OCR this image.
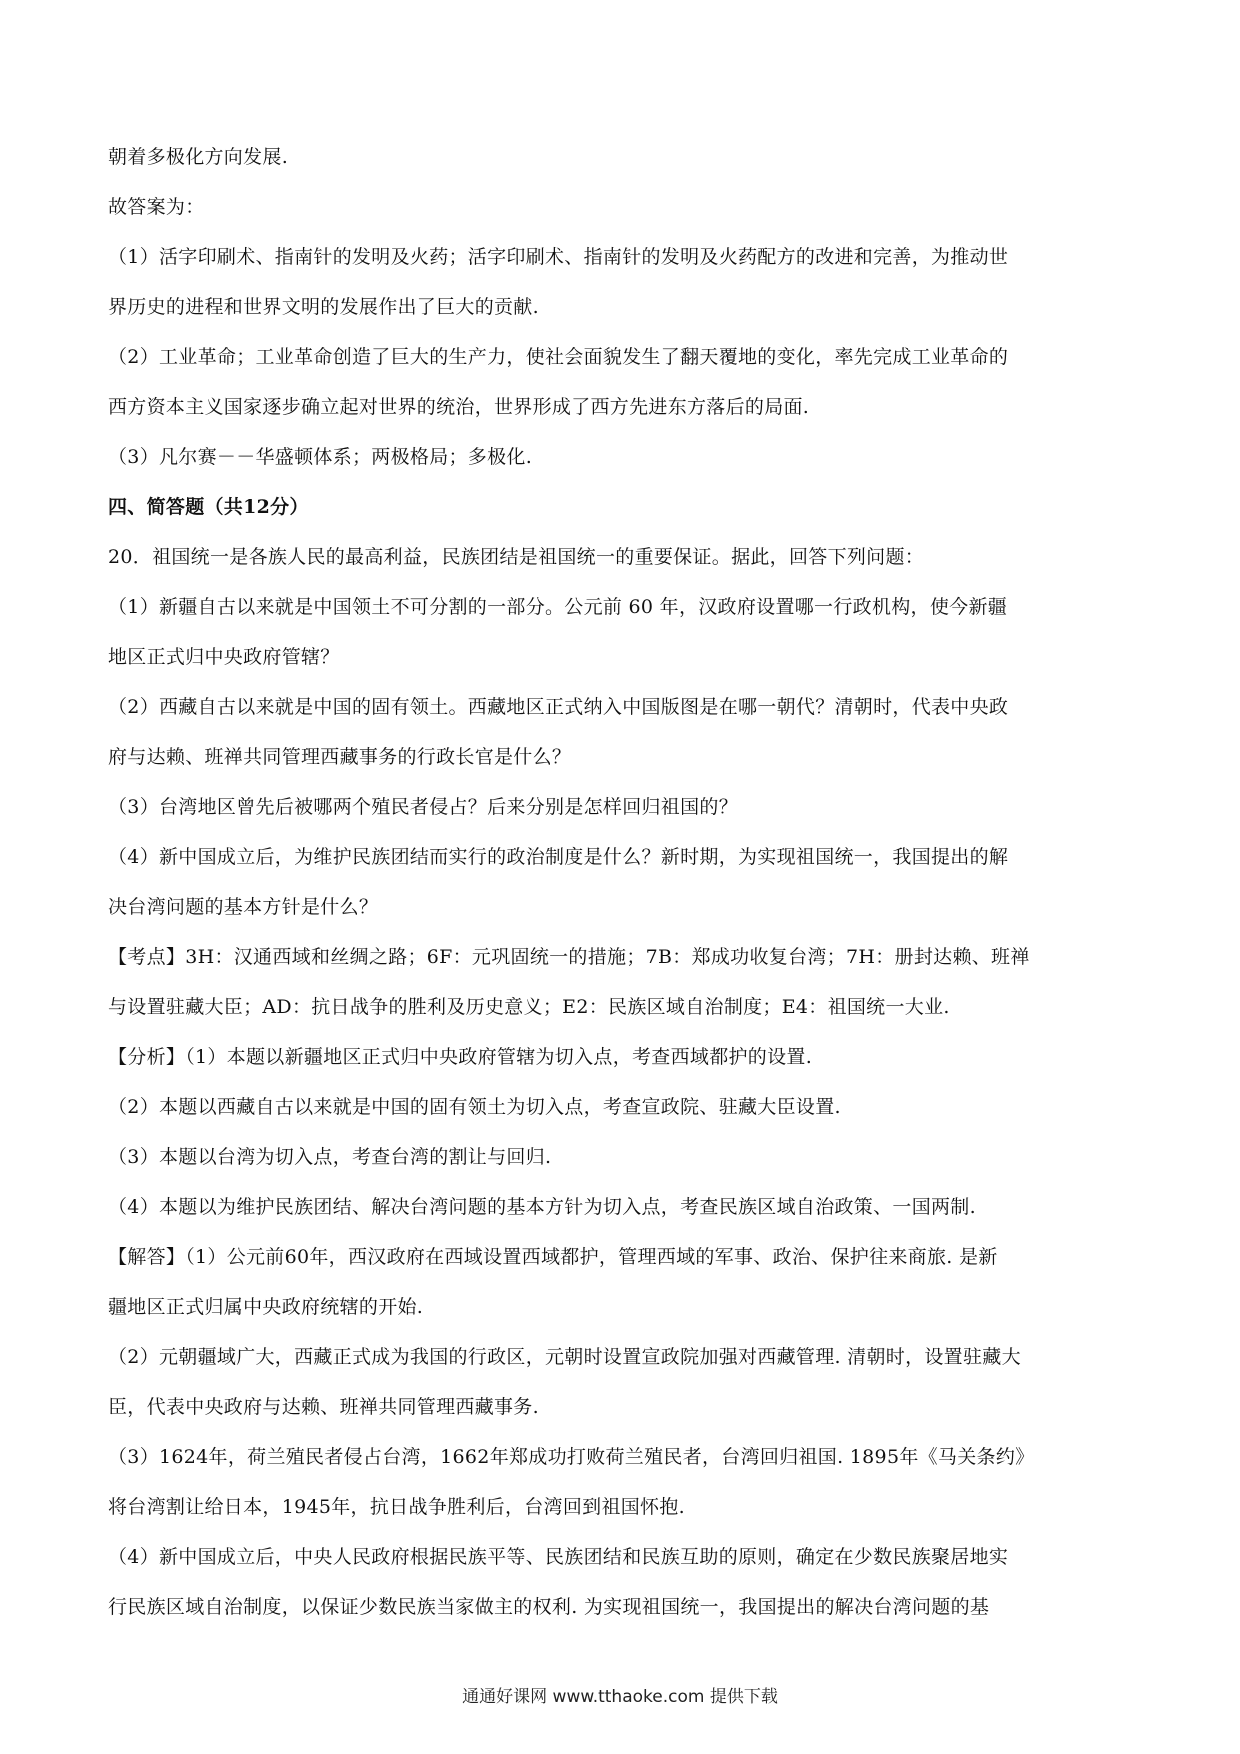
朝着多极化方向发展.
故答案为：
（1）活字印刷术、指南针的发明及火药；活字印刷术、指南针的发明及火药配方的改进和完善，为推动世
界历史的进程和世界文明的发展作出了巨大的贡献.
（2）工业革命；工业革命创造了巨大的生产力，使社会面貌发生了翻天覆地的变化，率先完成工业革命的
西方资本主义国家逐步确立起对世界的统治，世界形成了西方先进东方落后的局面.
（3）凡尔赛－－华盛顿体系；两极格局；多极化.
四、简答题（共12分）
20．祖国统一是各族人民的最高利益，民族团结是祖国统一的重要保证。据此，回答下列问题：
（1）新疆自古以来就是中国领土不可分割的一部分。公元前 60 年，汉政府设置哪一行政机构，使今新疆
地区正式归中央政府管辖？
（2）西藏自古以来就是中国的固有领土。西藏地区正式纳入中国版图是在哪一朝代？清朝时，代表中央政
府与达赖、班禅共同管理西藏事务的行政长官是什么？
（3）台湾地区曾先后被哪两个殖民者侵占？后来分别是怎样回归祖国的？
（4）新中国成立后，为维护民族团结而实行的政治制度是什么？新时期，为实现祖国统一，我国提出的解
决台湾问题的基本方针是什么？
【考点】3H：汉通西域和丝绸之路；6F：元巩固统一的措施；7B：郑成功收复台湾；7H：册封达赖、班禅
与设置驻藏大臣；AD：抗日战争的胜利及历史意义；E2：民族区域自治制度；E4：祖国统一大业.
【分析】（1）本题以新疆地区正式归中央政府管辖为切入点，考查西域都护的设置.
（2）本题以西藏自古以来就是中国的固有领土为切入点，考查宣政院、驻藏大臣设置.
（3）本题以台湾为切入点，考查台湾的割让与回归.
（4）本题以为维护民族团结、解决台湾问题的基本方针为切入点，考查民族区域自治政策、一国两制.
【解答】（1）公元前60年，西汉政府在西域设置西域都护，管理西域的军事、政治、保护往来商旅. 是新
疆地区正式归属中央政府统辖的开始.
（2）元朝疆域广大，西藏正式成为我国的行政区，元朝时设置宣政院加强对西藏管理. 清朝时，设置驻藏大
臣，代表中央政府与达赖、班禅共同管理西藏事务.
（3）1624年，荷兰殖民者侵占台湾，1662年郑成功打败荷兰殖民者，台湾回归祖国. 1895年《马关条约》
将台湾割让给日本，1945年，抗日战争胜利后，台湾回到祖国怀抱.
（4）新中国成立后，中央人民政府根据民族平等、民族团结和民族互助的原则，确定在少数民族聚居地实
行民族区域自治制度，以保证少数民族当家做主的权利. 为实现祖国统一，我国提出的解决台湾问题的基
通通好课网 www.tthaoke.com 提供下载
